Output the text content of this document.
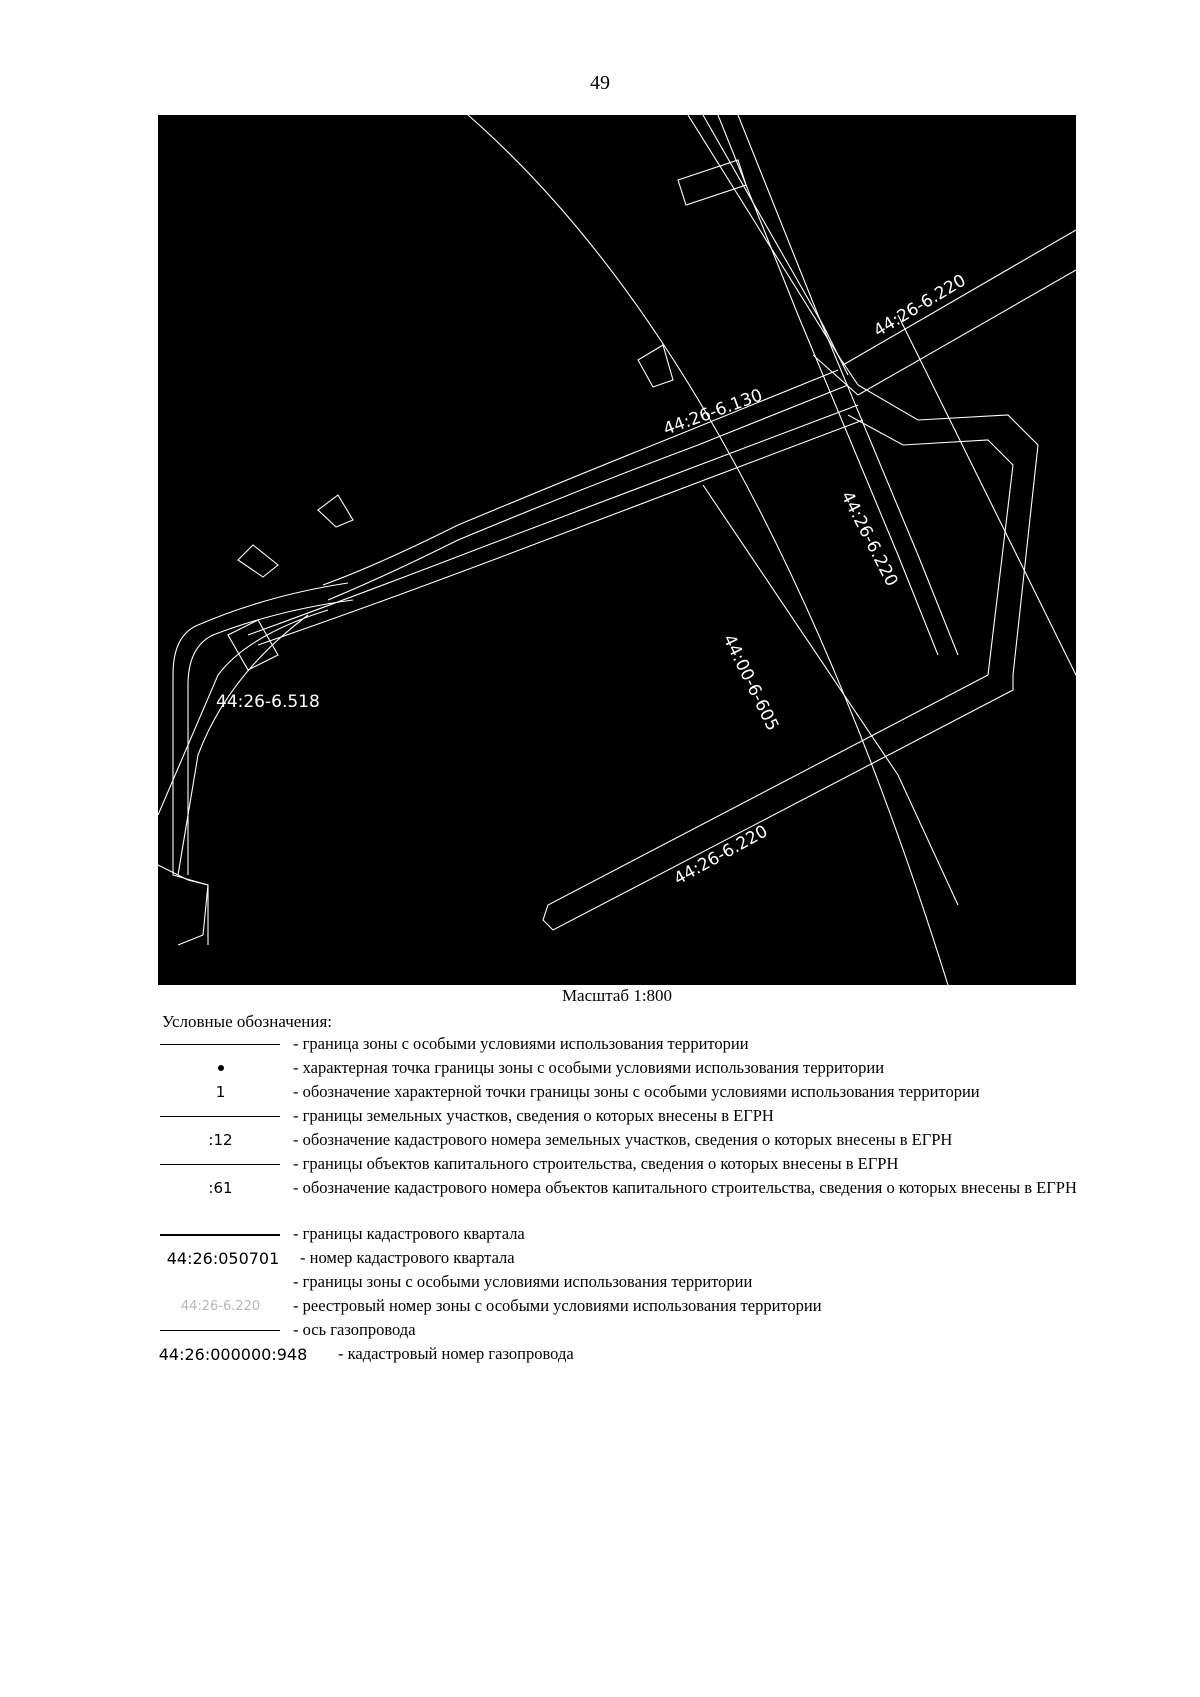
49
44:26-6.220
44:26-6.130
44:26-6.220
44:26-6.518	44:00-6-605
44:26-6.220
Масштаб 1:800
Условные обозначения:
- граница зоны с особыми условиями использования территории
- характерная точка границы зоны с особыми условиями использования территории
1	- обозначение характерной точки границы зоны с особыми условиями использования территории
- границы земельных участков, сведения о которых внесены в ЕГРН
:12	- обозначение кадастрового номера земельных участков, сведения о которых внесены в ЕГРН
- границы объектов капитального строительства, сведения о которых внесены в ЕГРН
:61	- обозначение кадастрового номера объектов капитального строительства, сведения о которых внесены в ЕГРН
- границы кадастрового квартала
44:26:050701	- номер кадастрового квартала
- границы зоны с особыми условиями использования территории
44:26-6.220	- реестровый номер зоны с особыми условиями использования территории
- ось газопровода
44:26:000000:948 - кадастровый номер газопровода
